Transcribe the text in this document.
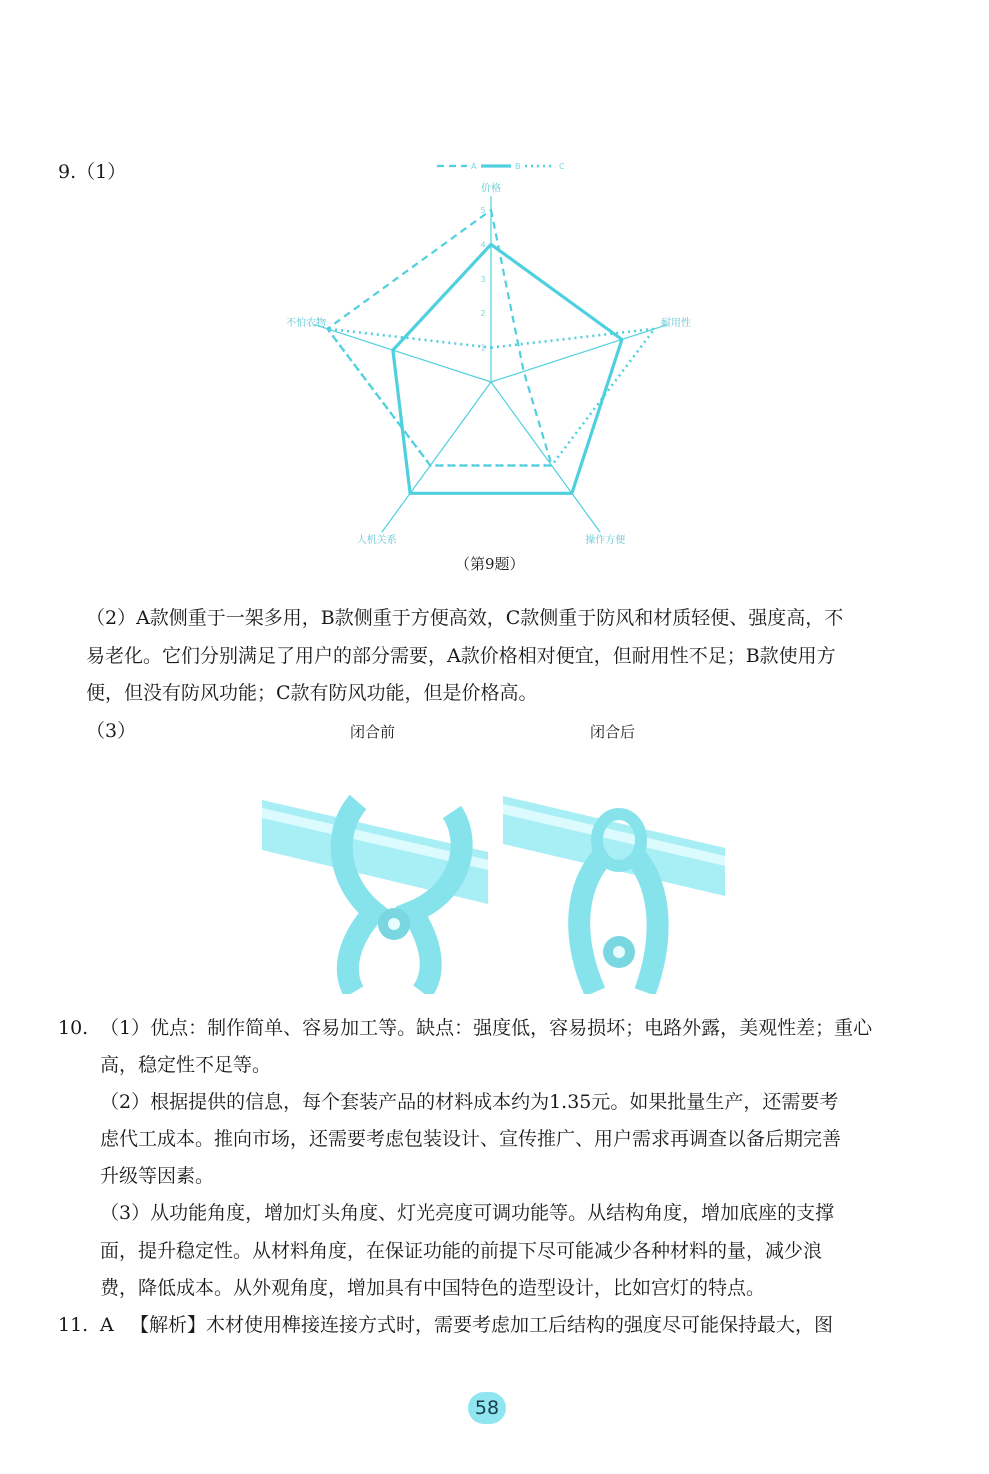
9.（1）
价格
耐用性
操作方便
人机关系
不怕农物
1
2
3
4
5
A	B	C
（第9题）
（2）A款侧重于一架多用，B款侧重于方便高效，C款侧重于防风和材质轻便、强度高，不
易老化。它们分别满足了用户的部分需要，A款价格相对便宜，但耐用性不足；B款使用方
便，但没有防风功能；C款有防风功能，但是价格高。
（3）	闭合前	闭合后
10. （1）优点：制作简单、容易加工等。缺点：强度低，容易损坏；电路外露，美观性差；重心
高，稳定性不足等。
（2）根据提供的信息，每个套装产品的材料成本约为1.35元。如果批量生产，还需要考
虑代工成本。推向市场，还需要考虑包装设计、宣传推广、用户需求再调查以备后期完善
升级等因素。
（3）从功能角度，增加灯头角度、灯光亮度可调功能等。从结构角度，增加底座的支撑
面，提升稳定性。从材料角度，在保证功能的前提下尽可能减少各种材料的量，减少浪
费，降低成本。从外观角度，增加具有中国特色的造型设计，比如宫灯的特点。
11. A 【解析】木材使用榫接连接方式时，需要考虑加工后结构的强度尽可能保持最大，图
58
